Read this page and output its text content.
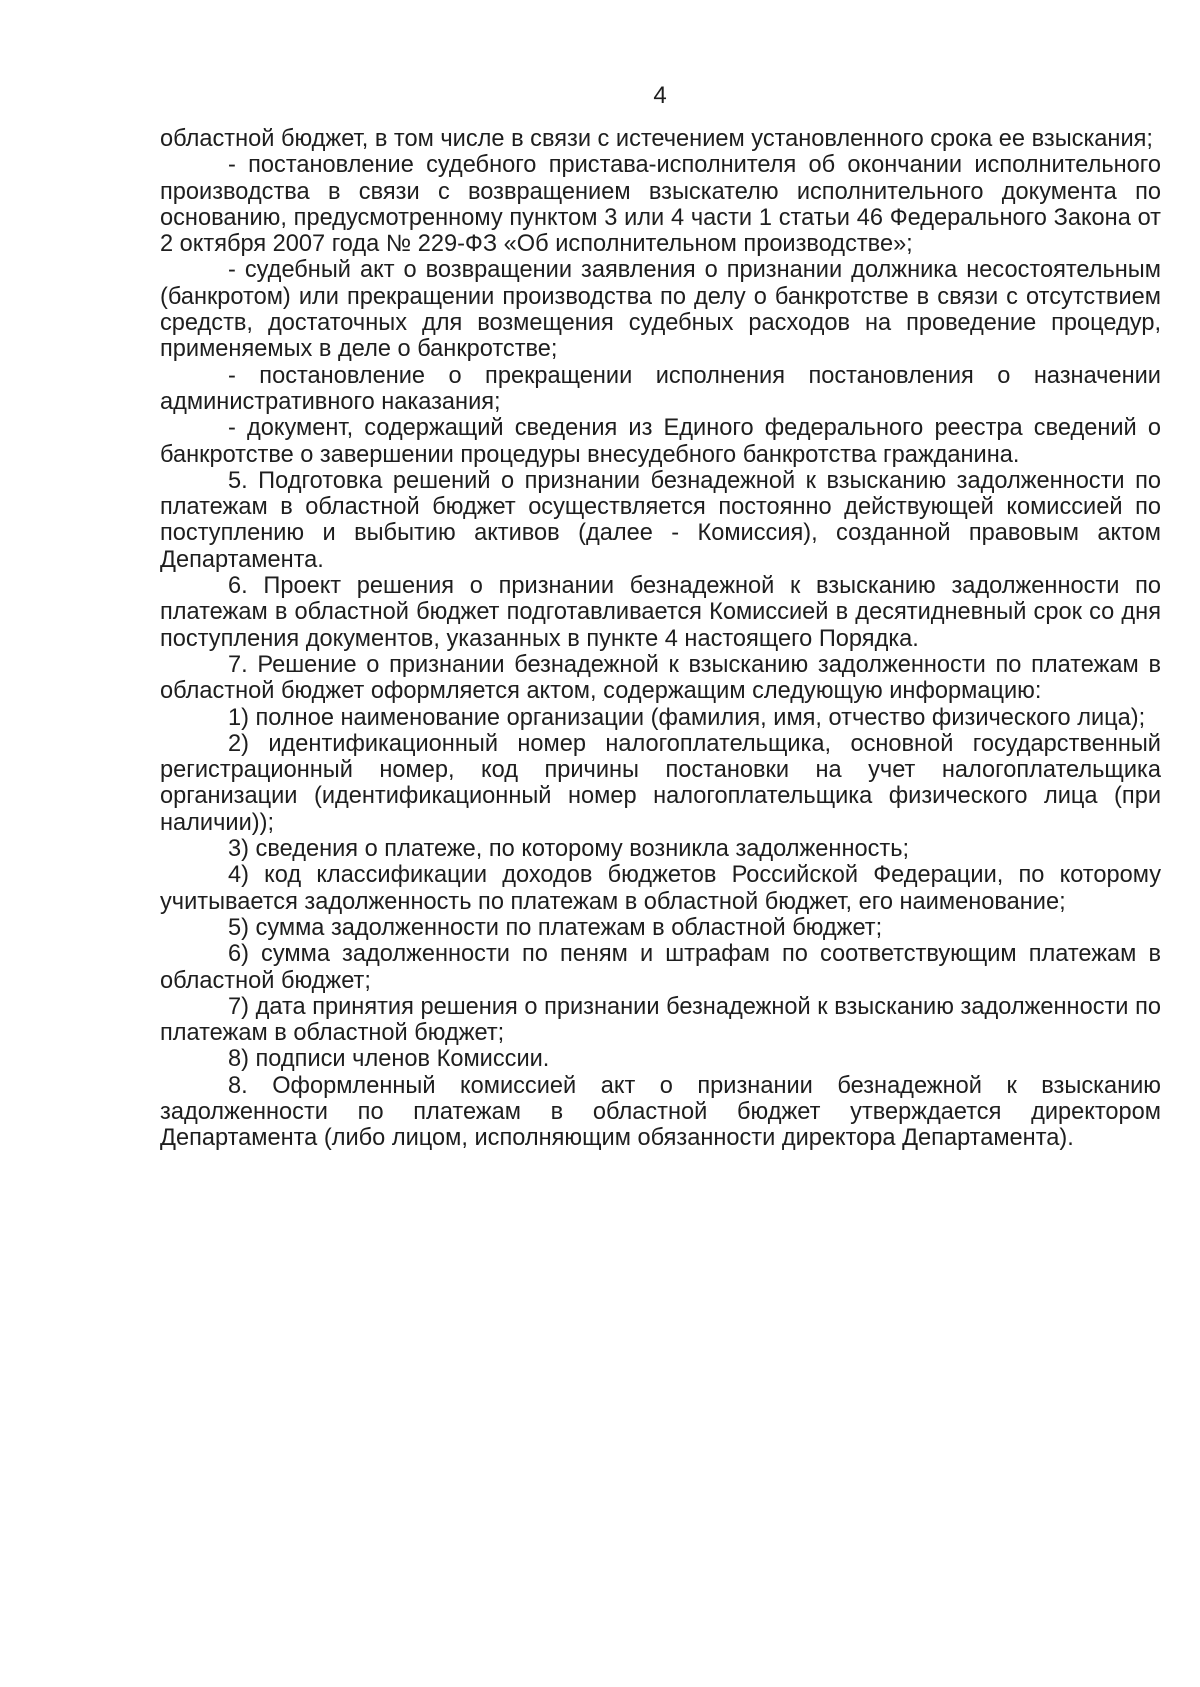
4

областной бюджет, в том числе в связи с истечением установленного срока ее взыскания;

- постановление судебного пристава-исполнителя об окончании исполнительного производства в связи с возвращением взыскателю исполнительного документа по основанию, предусмотренному пунктом 3 или 4 части 1 статьи 46 Федерального Закона от 2 октября 2007 года № 229-ФЗ «Об исполнительном производстве»;

- судебный акт о возвращении заявления о признании должника несостоятельным (банкротом) или прекращении производства по делу о банкротстве в связи с отсутствием средств, достаточных для возмещения судебных расходов на проведение процедур, применяемых в деле о банкротстве;

- постановление о прекращении исполнения постановления о назначении административного наказания;

- документ, содержащий сведения из Единого федерального реестра сведений о банкротстве о завершении процедуры внесудебного банкротства гражданина.

5. Подготовка решений о признании безнадежной к взысканию задолженности по платежам в областной бюджет осуществляется постоянно действующей комиссией по поступлению и выбытию активов (далее - Комиссия), созданной правовым актом Департамента.

6. Проект решения о признании безнадежной к взысканию задолженности по платежам в областной бюджет подготавливается Комиссией в десятидневный срок со дня поступления документов, указанных в пункте 4 настоящего Порядка.

7. Решение о признании безнадежной к взысканию задолженности по платежам в областной бюджет оформляется актом, содержащим следующую информацию:

1) полное наименование организации (фамилия, имя, отчество физического лица);

2) идентификационный номер налогоплательщика, основной государственный регистрационный номер, код причины постановки на учет налогоплательщика организации (идентификационный номер налогоплательщика физического лица (при наличии));

3) сведения о платеже, по которому возникла задолженность;

4) код классификации доходов бюджетов Российской Федерации, по которому учитывается задолженность по платежам в областной бюджет, его наименование;

5) сумма задолженности по платежам в областной бюджет;

6) сумма задолженности по пеням и штрафам по соответствующим платежам в областной бюджет;

7) дата принятия решения о признании безнадежной к взысканию задолженности по платежам в областной бюджет;

8) подписи членов Комиссии.

8. Оформленный комиссией акт о признании безнадежной к взысканию задолженности по платежам в областной бюджет утверждается директором Департамента (либо лицом, исполняющим обязанности директора Департамента).
